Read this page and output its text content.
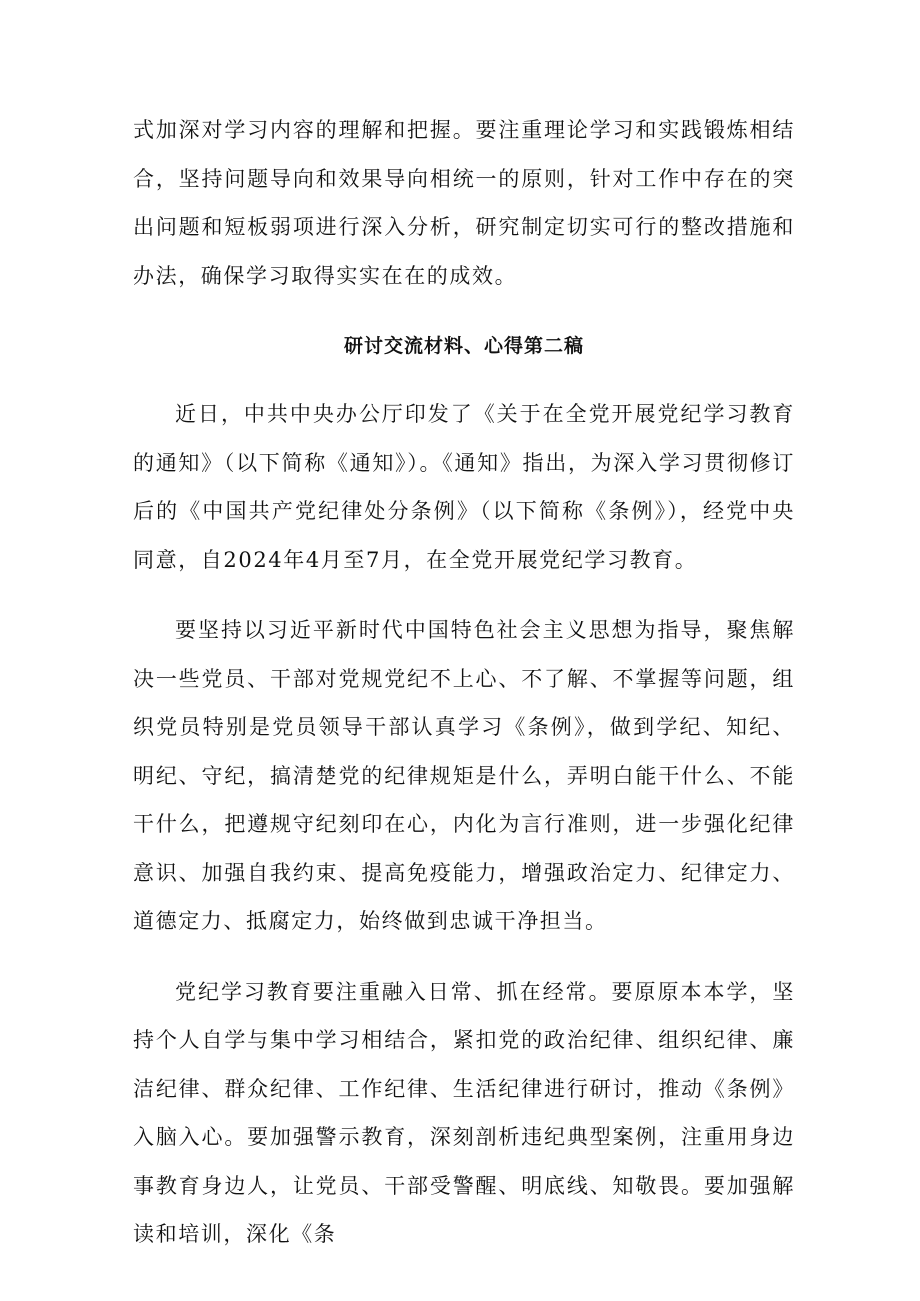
式加深对学习内容的理解和把握。要注重理论学习和实践锻炼相结合，坚持问题导向和效果导向相统一的原则，针对工作中存在的突出问题和短板弱项进行深入分析，研究制定切实可行的整改措施和办法，确保学习取得实实在在的成效。

研讨交流材料、心得第二稿

近日，中共中央办公厅印发了《关于在全党开展党纪学习教育的通知》（以下简称《通知》）。《通知》指出，为深入学习贯彻修订后的《中国共产党纪律处分条例》（以下简称《条例》），经党中央同意，自2024年4月至7月，在全党开展党纪学习教育。

要坚持以习近平新时代中国特色社会主义思想为指导，聚焦解决一些党员、干部对党规党纪不上心、不了解、不掌握等问题，组织党员特别是党员领导干部认真学习《条例》，做到学纪、知纪、明纪、守纪，搞清楚党的纪律规矩是什么，弄明白能干什么、不能干什么，把遵规守纪刻印在心，内化为言行准则，进一步强化纪律意识、加强自我约束、提高免疫能力，增强政治定力、纪律定力、道德定力、抵腐定力，始终做到忠诚干净担当。

党纪学习教育要注重融入日常、抓在经常。要原原本本学，坚持个人自学与集中学习相结合，紧扣党的政治纪律、组织纪律、廉洁纪律、群众纪律、工作纪律、生活纪律进行研讨，推动《条例》入脑入心。要加强警示教育，深刻剖析违纪典型案例，注重用身边事教育身边人，让党员、干部受警醒、明底线、知敬畏。要加强解读和培训，深化《条
